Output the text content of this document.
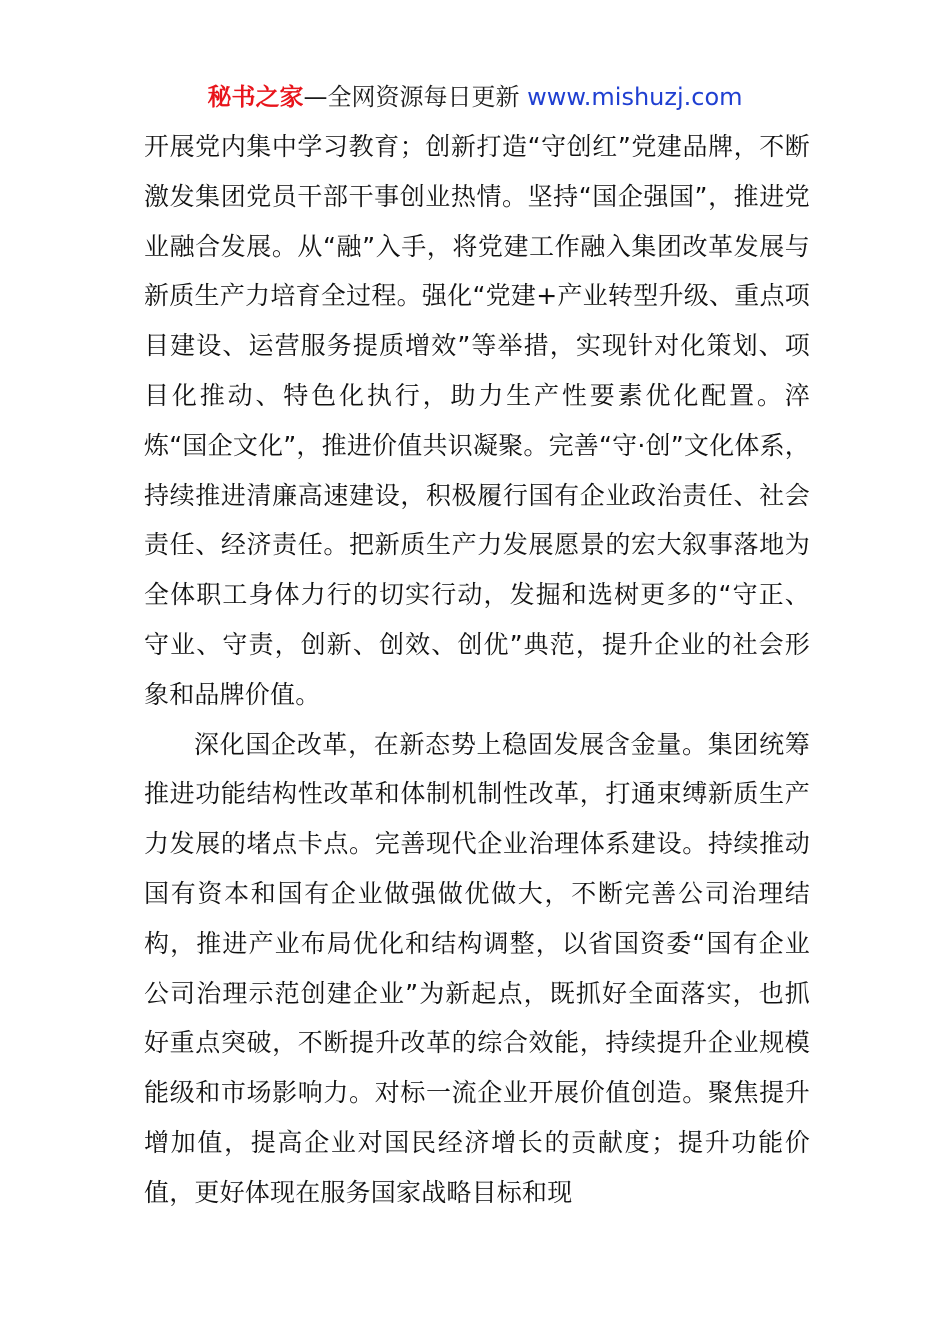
秘书之家—全网资源每日更新 www.mishuzj.com

开展党内集中学习教育；创新打造“守创红”党建品牌，不断激发集团党员干部干事创业热情。坚持“国企强国”，推进党业融合发展。从“融”入手，将党建工作融入集团改革发展与新质生产力培育全过程。强化“党建+产业转型升级、重点项目建设、运营服务提质增效”等举措，实现针对化策划、项目化推动、特色化执行，助力生产性要素优化配置。淬炼“国企文化”，推进价值共识凝聚。完善“守·创”文化体系，持续推进清廉高速建设，积极履行国有企业政治责任、社会责任、经济责任。把新质生产力发展愿景的宏大叙事落地为全体职工身体力行的切实行动，发掘和选树更多的“守正、守业、守责，创新、创效、创优”典范，提升企业的社会形象和品牌价值。

深化国企改革，在新态势上稳固发展含金量。集团统筹推进功能结构性改革和体制机制性改革，打通束缚新质生产力发展的堵点卡点。完善现代企业治理体系建设。持续推动国有资本和国有企业做强做优做大，不断完善公司治理结构，推进产业布局优化和结构调整，以省国资委“国有企业公司治理示范创建企业”为新起点，既抓好全面落实，也抓好重点突破，不断提升改革的综合效能，持续提升企业规模能级和市场影响力。对标一流企业开展价值创造。聚焦提升增加值，提高企业对国民经济增长的贡献度；提升功能价值，更好体现在服务国家战略目标和现
